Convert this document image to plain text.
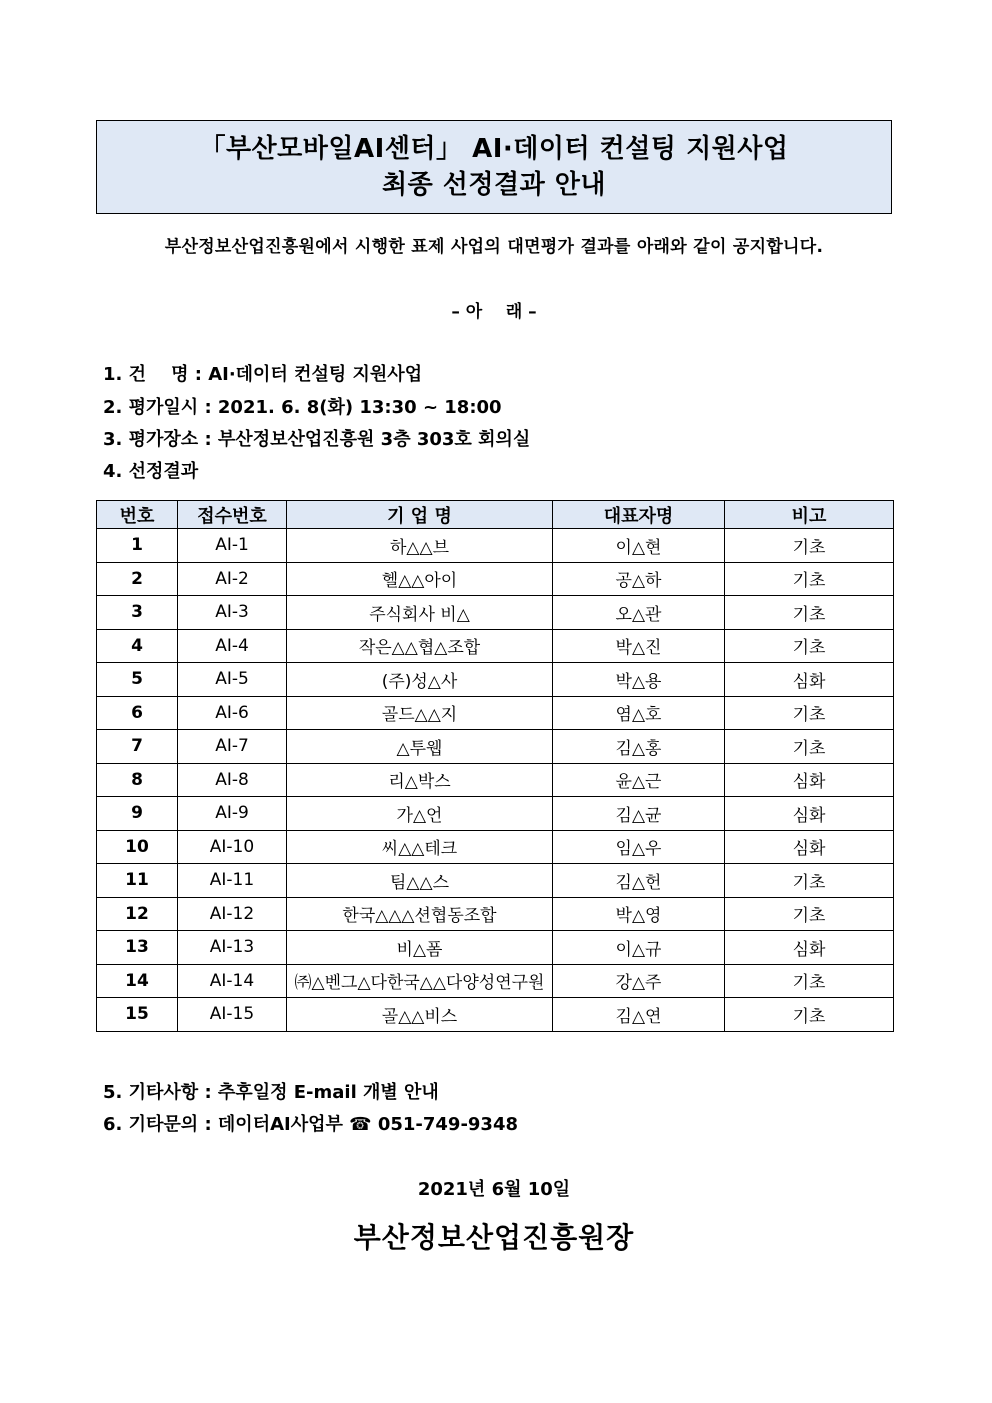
「부산모바일AI센터」 AI·데이터 컨설팅 지원사업
최종 선정결과 안내
부산정보산업진흥원에서 시행한 표제 사업의 대면평가 결과를 아래와 같이 공지합니다.
– 아    래 –
1. 건    명 : AI·데이터 컨설팅 지원사업
2. 평가일시 : 2021. 6. 8(화) 13:30 ~ 18:00
3. 평가장소 : 부산정보산업진흥원 3층 303호 회의실
4. 선정결과
번호	접수번호	기 업 명	대표자명	비고
1	AI-1	하△△브	이△현	기초
2	AI-2	헬△△아이	공△하	기초
3	AI-3	주식회사 비△	오△관	기초
4	AI-4	작은△△협△조합	박△진	기초
5	AI-5	(주)성△사	박△용	심화
6	AI-6	골드△△지	염△호	기초
7	AI-7	△투웹	김△홍	기초
8	AI-8	리△박스	윤△근	심화
9	AI-9	가△언	김△균	심화
10	AI-10	씨△△테크	임△우	심화
11	AI-11	팀△△스	김△헌	기초
12	AI-12	한국△△△션협동조합	박△영	기초
13	AI-13	비△폼	이△규	심화
14	AI-14	㈜△벤그△다한국△△다양성연구원	강△주	기초
15	AI-15	골△△비스	김△연	기초
5. 기타사항 : 추후일정 E-mail 개별 안내
6. 기타문의 : 데이터AI사업부 ☎ 051-749-9348
2021년 6월 10일
부산정보산업진흥원장
